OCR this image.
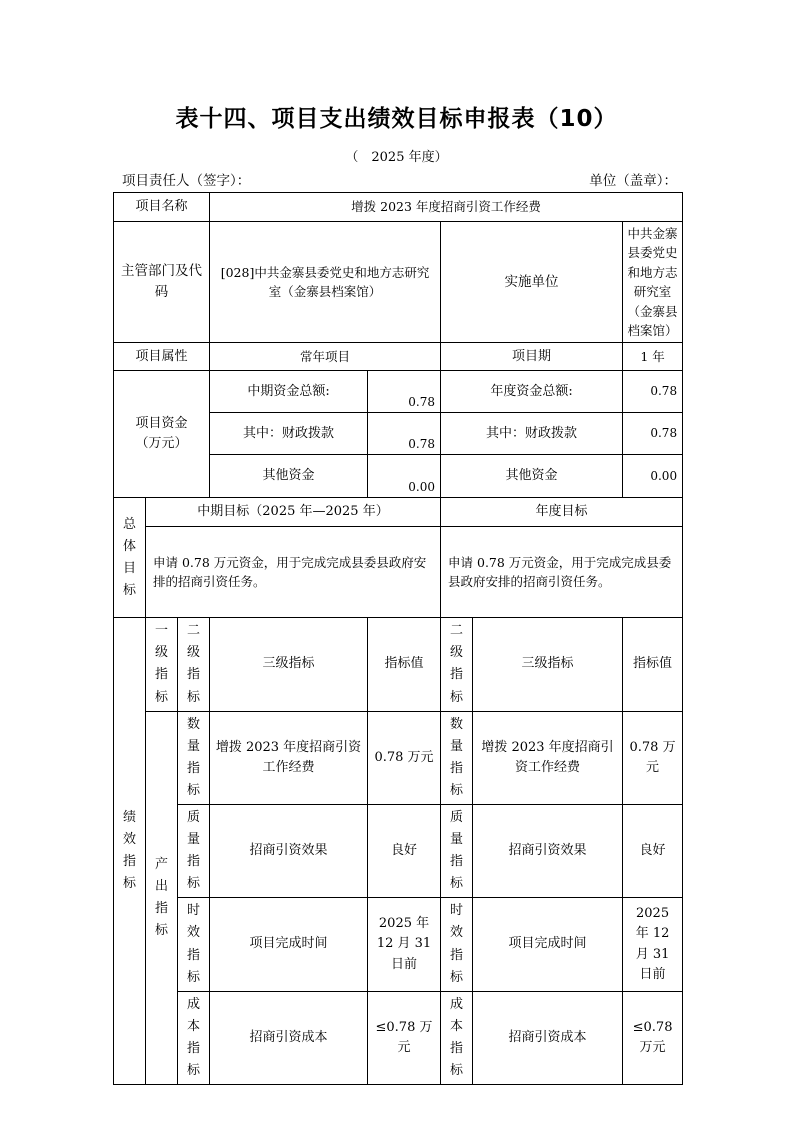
表十四、项目支出绩效目标申报表（10）
（　2025 年度）
项目责任人（签字）：	单位（盖章）：
项目名称			增拨 2023 年度招商引资工作经费				
主管部门及代码			[028]中共金寨县委党史和地方志研究室（金寨县档案馆）		实施单位		中共金寨县委党史和地方志研究室（金寨县档案馆）
项目属性			常年项目		项目期		1 年
项目资金（万元）			中期资金总额:	0.78	年度资金总额:		0.78
			其中：财政拨款	0.78	其中：财政拨款		0.78
			其他资金	0.00	其他资金		0.00

总体目标	中期目标（2025 年—2025 年）				年度目标		
	申请 0.78 万元资金，用于完成完成县委县政府安排的招商引资任务。				申请 0.78 万元资金，用于完成完成县委县政府安排的招商引资任务。		

绩效指标	一级指标	二级指标	三级指标	指标值	二级指标	三级指标	指标值

	产出指标	数量指标	增拨 2023 年度招商引资工作经费	0.78 万元	数量指标	增拨 2023 年度招商引资工作经费	0.78 万元

		质量指标	招商引资效果	良好	质量指标	招商引资效果	良好

		时效指标	项目完成时间	2025 年 12 月 31 日前	时效指标	项目完成时间	2025 年 12 月 31 日前

		成本指标	招商引资成本	≤0.78 万元	成本指标	招商引资成本	≤0.78 万元
